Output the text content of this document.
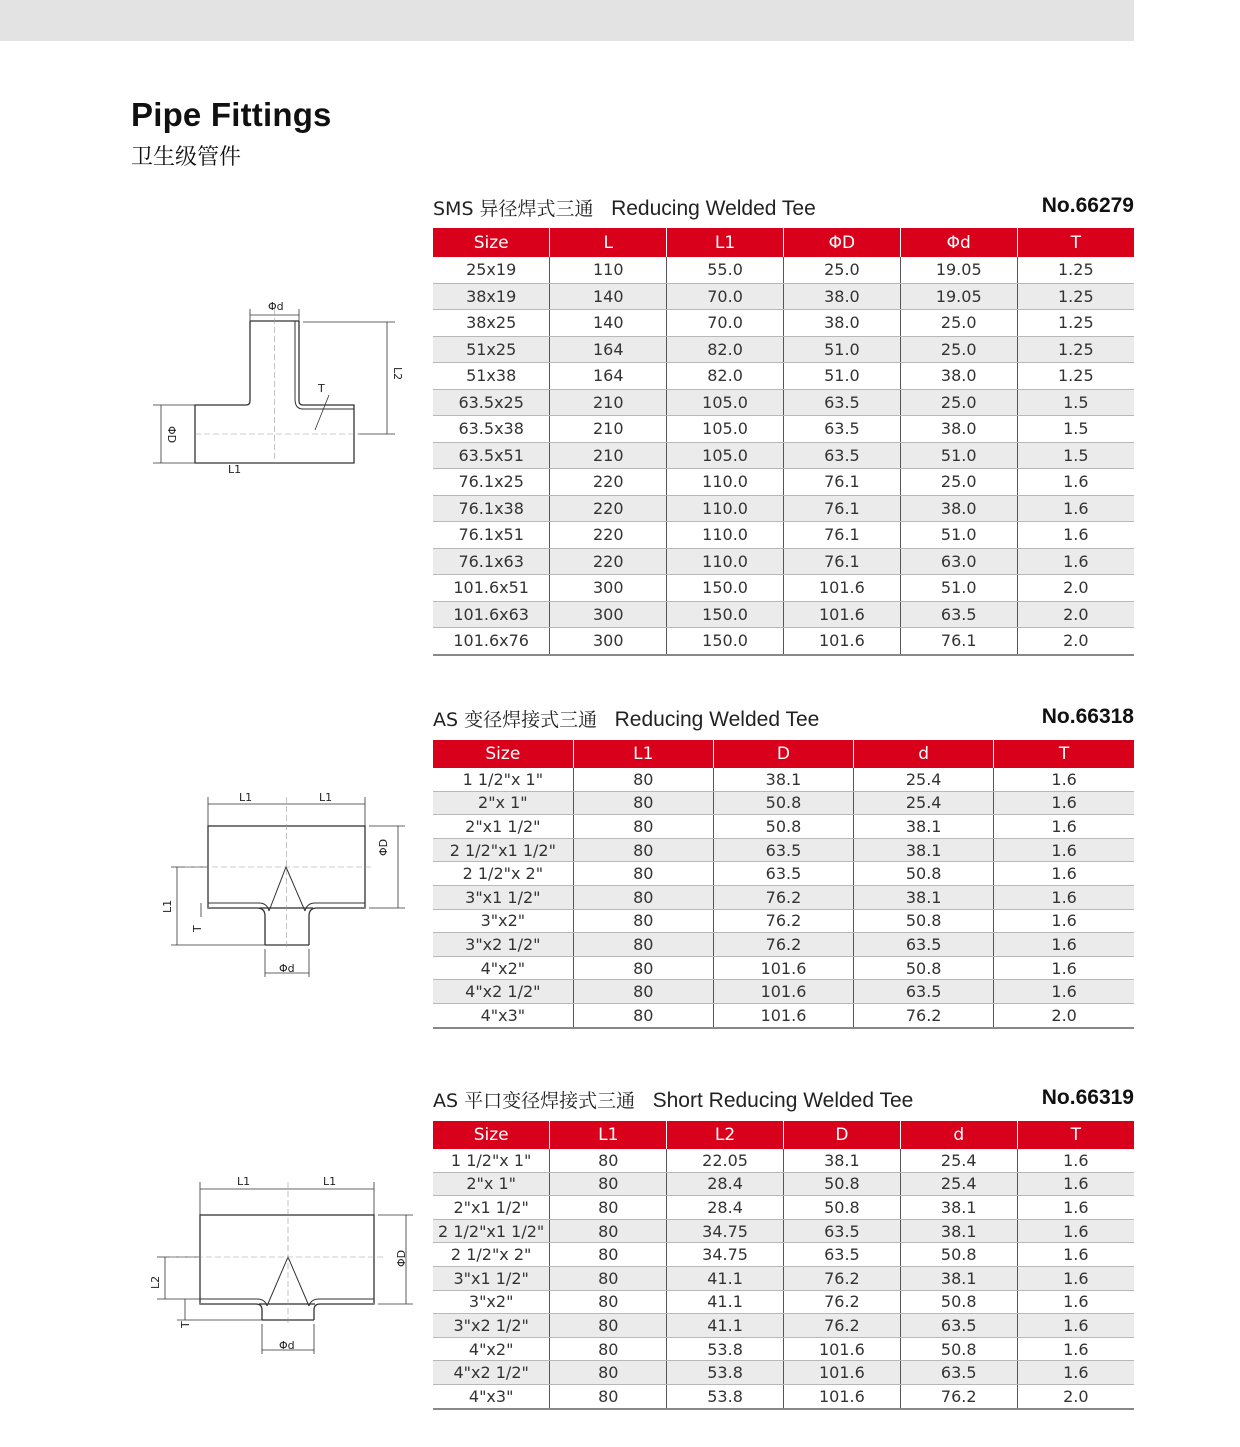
Pipe Fittings
卫生级管件
SMS 异径焊式三通 Reducing Welded Tee	No.66279
Φd
L2
T
ΦD
L1
Size	L	L1	ΦD	Φd	T
25x19	110	55.0	25.0	19.05	1.25
38x19	140	70.0	38.0	19.05	1.25
38x25	140	70.0	38.0	25.0	1.25
51x25	164	82.0	51.0	25.0	1.25
51x38	164	82.0	51.0	38.0	1.25
63.5x25	210	105.0	63.5	25.0	1.5
63.5x38	210	105.0	63.5	38.0	1.5
63.5x51	210	105.0	63.5	51.0	1.5
76.1x25	220	110.0	76.1	25.0	1.6
76.1x38	220	110.0	76.1	38.0	1.6
76.1x51	220	110.0	76.1	51.0	1.6
76.1x63	220	110.0	76.1	63.0	1.6
101.6x51	300	150.0	101.6	51.0	2.0
101.6x63	300	150.0	101.6	63.5	2.0
101.6x76	300	150.0	101.6	76.1	2.0
AS 变径焊接式三通 Reducing Welded Tee	No.66318
L1	L1
ΦD
L1
T
Φd
Size	L1	D	d	T
1 1/2"x 1"	80	38.1	25.4	1.6
2"x 1"	80	50.8	25.4	1.6
2"x1 1/2"	80	50.8	38.1	1.6
2 1/2"x1 1/2"	80	63.5	38.1	1.6
2 1/2"x 2"	80	63.5	50.8	1.6
3"x1 1/2"	80	76.2	38.1	1.6
3"x2"	80	76.2	50.8	1.6
3"x2 1/2"	80	76.2	63.5	1.6
4"x2"	80	101.6	50.8	1.6
4"x2 1/2"	80	101.6	63.5	1.6
4"x3"	80	101.6	76.2	2.0
AS 平口变径焊接式三通 Short Reducing Welded Tee	No.66319
L1	L1
ΦD
L2
T
Φd
Size	L1	L2	D	d	T
1 1/2"x 1"	80	22.05	38.1	25.4	1.6
2"x 1"	80	28.4	50.8	25.4	1.6
2"x1 1/2"	80	28.4	50.8	38.1	1.6
2 1/2"x1 1/2"	80	34.75	63.5	38.1	1.6
2 1/2"x 2"	80	34.75	63.5	50.8	1.6
3"x1 1/2"	80	41.1	76.2	38.1	1.6
3"x2"	80	41.1	76.2	50.8	1.6
3"x2 1/2"	80	41.1	76.2	63.5	1.6
4"x2"	80	53.8	101.6	50.8	1.6
4"x2 1/2"	80	53.8	101.6	63.5	1.6
4"x3"	80	53.8	101.6	76.2	2.0
